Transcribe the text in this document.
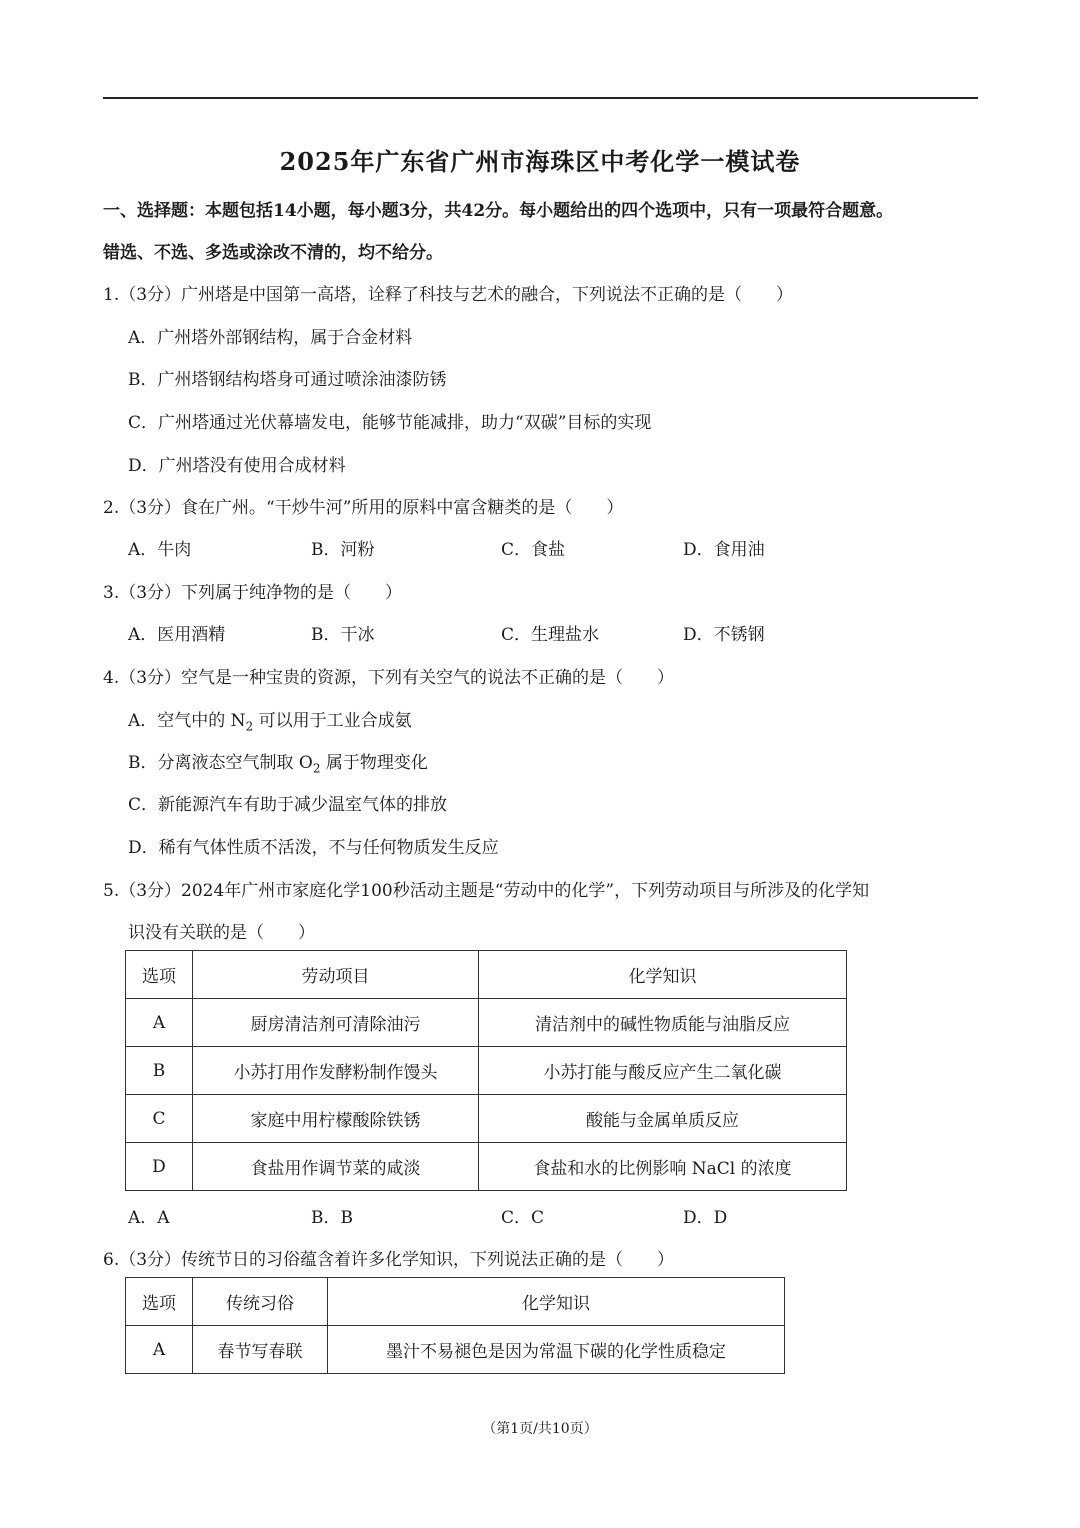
2025年广东省广州市海珠区中考化学一模试卷
一、选择题：本题包括14小题，每小题3分，共42分。每小题给出的四个选项中，只有一项最符合题意。
错选、不选、多选或涂改不清的，均不给分。
1.（3分）广州塔是中国第一高塔，诠释了科技与艺术的融合，下列说法不正确的是（　　）
A．广州塔外部钢结构，属于合金材料
B．广州塔钢结构塔身可通过喷涂油漆防锈
C．广州塔通过光伏幕墙发电，能够节能减排，助力“双碳”目标的实现
D．广州塔没有使用合成材料
2.（3分）食在广州。“干炒牛河”所用的原料中富含糖类的是（　　）
A．牛肉	B．河粉	C．食盐	D．食用油
3.（3分）下列属于纯净物的是（　　）
A．医用酒精	B．干冰	C．生理盐水	D．不锈钢
4.（3分）空气是一种宝贵的资源，下列有关空气的说法不正确的是（　　）
A．空气中的 $N_2$ 可以用于工业合成氨
B．分离液态空气制取 $O_2$ 属于物理变化
C．新能源汽车有助于减少温室气体的排放
D．稀有气体性质不活泼，不与任何物质发生反应
5.（3分）2024年广州市家庭化学100秒活动主题是“劳动中的化学”，下列劳动项目与所涉及的化学知
识没有关联的是（　　）
选项	劳动项目	化学知识
A	厨房清洁剂可清除油污	清洁剂中的碱性物质能与油脂反应
B	小苏打用作发酵粉制作馒头	小苏打能与酸反应产生二氧化碳
C	家庭中用柠檬酸除铁锈	酸能与金属单质反应
D	食盐用作调节菜的咸淡	食盐和水的比例影响 NaCl 的浓度
A．A	B．B	C．C	D．D
6.（3分）传统节日的习俗蕴含着许多化学知识，下列说法正确的是（　　）
选项	传统习俗	化学知识
A	春节写春联	墨汁不易褪色是因为常温下碳的化学性质稳定
（第1页/共10页）
